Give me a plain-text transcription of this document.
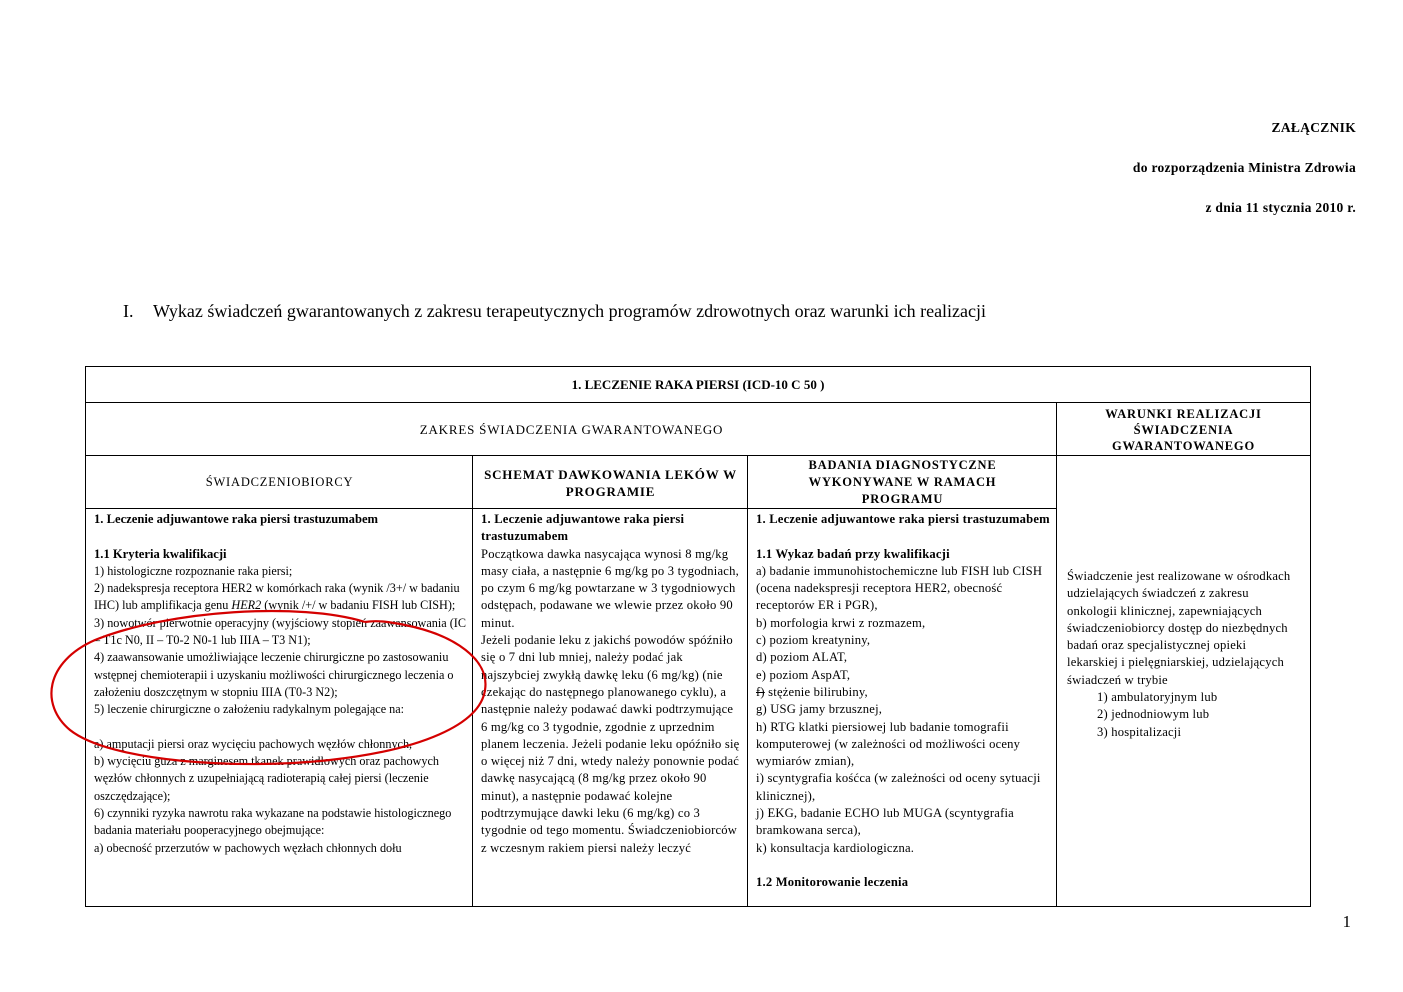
ZAŁĄCZNIK
do rozporządzenia Ministra Zdrowia
z dnia 11 stycznia 2010 r.
I. Wykaz świadczeń gwarantowanych z zakresu terapeutycznych programów zdrowotnych oraz warunki ich realizacji
1. LECZENIE RAKA PIERSI (ICD-10 C 50 )
ZAKRES ŚWIADCZENIA GWARANTOWANEGO
WARUNKI REALIZACJI ŚWIADCZENIA GWARANTOWANEGO
ŚWIADCZENIOBIORCY
SCHEMAT DAWKOWANIA LEKÓW W PROGRAMIE
BADANIA DIAGNOSTYCZNE WYKONYWANE W RAMACH PROGRAMU
1. Leczenie adjuwantowe raka piersi trastuzumabem
1.1 Kryteria kwalifikacji
1) histologiczne rozpoznanie raka piersi;
2) nadekspresja receptora HER2 w komórkach raka (wynik /3+/ w badaniu IHC) lub amplifikacja genu HER2 (wynik /+/ w badaniu FISH lub CISH);
3) nowotwór pierwotnie operacyjny (wyjściowy stopień zaawansowania (IC – T1c N0, II – T0-2 N0-1 lub IIIA – T3 N1);
4) zaawansowanie umożliwiające leczenie chirurgiczne po zastosowaniu wstępnej chemioterapii i uzyskaniu możliwości chirurgicznego leczenia o założeniu doszczętnym w stopniu IIIA (T0-3 N2);
5) leczenie chirurgiczne o założeniu radykalnym polegające na:
a) amputacji piersi oraz wycięciu pachowych węzłów chłonnych,
b) wycięciu guza z marginesem tkanek prawidłowych oraz pachowych węzłów chłonnych z uzupełniającą radioterapią całej piersi (leczenie oszczędzające);
6) czynniki ryzyka nawrotu raka wykazane na podstawie histologicznego badania materiału pooperacyjnego obejmujące:
a) obecność przerzutów w pachowych węzłach chłonnych dołu
1. Leczenie adjuwantowe raka piersi trastuzumabem
Początkowa dawka nasycająca wynosi 8 mg/kg masy ciała, a następnie 6 mg/kg po 3 tygodniach, po czym 6 mg/kg powtarzane w 3 tygodniowych odstępach, podawane we wlewie przez około 90 minut.
Jeżeli podanie leku z jakichś powodów spóźniło się o 7 dni lub mniej, należy podać jak najszybciej zwykłą dawkę leku (6 mg/kg) (nie czekając do następnego planowanego cyklu), a następnie należy podawać dawki podtrzymujące 6 mg/kg co 3 tygodnie, zgodnie z uprzednim planem leczenia. Jeżeli podanie leku opóźniło się o więcej niż 7 dni, wtedy należy ponownie podać dawkę nasycającą (8 mg/kg przez około 90 minut), a następnie podawać kolejne podtrzymujące dawki leku (6 mg/kg) co 3 tygodnie od tego momentu. Świadczeniobiorców z wczesnym rakiem piersi należy leczyć
1. Leczenie adjuwantowe raka piersi trastuzumabem
1.1 Wykaz badań przy kwalifikacji
a) badanie immunohistochemiczne lub FISH lub CISH (ocena nadekspresji receptora HER2, obecność receptorów ER i PGR),
b) morfologia krwi z rozmazem,
c) poziom kreatyniny,
d) poziom ALAT,
e) poziom AspAT,
f) stężenie bilirubiny,
g) USG jamy brzusznej,
h) RTG klatki piersiowej lub badanie tomografii komputerowej (w zależności od możliwości oceny wymiarów zmian),
i) scyntygrafia kośćca (w zależności od oceny sytuacji klinicznej),
j) EKG, badanie ECHO lub MUGA (scyntygrafia bramkowana serca),
k) konsultacja kardiologiczna.
1.2 Monitorowanie leczenia
Świadczenie jest realizowane w ośrodkach udzielających świadczeń z zakresu onkologii klinicznej, zapewniających świadczeniobiorcy dostęp do niezbędnych badań oraz specjalistycznej opieki lekarskiej i pielęgniarskiej, udzielających świadczeń w trybie
1) ambulatoryjnym lub
2) jednodniowym lub
3) hospitalizacji
1
